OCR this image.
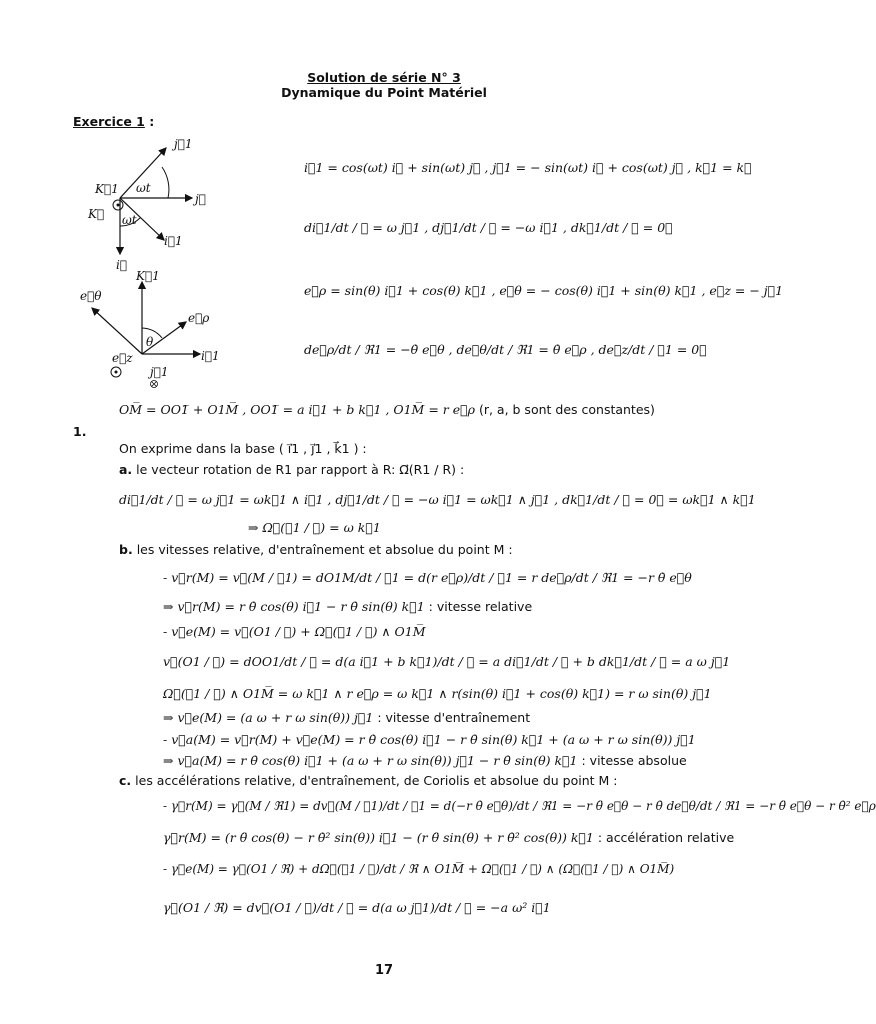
Solution de série N° 3
Dynamique du Point Matériel
Exercice 1 :
j⃗1
K⃗1
K⃗
j⃗
i⃗1
i⃗
ωt
ωt
K⃗1
e⃗θ
e⃗ρ
θ
i⃗1
e⃗z
j⃗1
i⃗1 = cos(ωt) i⃗ + sin(ωt) j⃗ , j⃗1 = − sin(ωt) i⃗ + cos(ωt) j⃗ , k⃗1 = k⃗
di⃗1/dt / ℜ = ω j⃗1 , dj⃗1/dt / ℜ = −ω i⃗1 , dk⃗1/dt / ℜ = 0⃗
e⃗ρ = sin(θ) i⃗1 + cos(θ) k⃗1 , e⃗θ = − cos(θ) i⃗1 + sin(θ) k⃗1 , e⃗z = − j⃗1
de⃗ρ/dt / ℜ1 = −θ̇ e⃗θ , de⃗θ/dt / ℜ1 = θ̇ e⃗ρ , de⃗z/dt / ℜ1 = 0⃗
OM̅ = OO1̅ + O1M̅ , OO1̅ = a i⃗1 + b k⃗1 , O1M̅ = r e⃗ρ (r, a, b sont des constantes)
1.
On exprime dans la base ( i⃗1 , j⃗1 , k⃗1 ) :
a. le vecteur rotation de R1 par rapport à R: Ω⃗(R1 / R) :
di⃗1/dt / ℜ = ω j⃗1 = ωk⃗1 ∧ i⃗1 , dj⃗1/dt / ℜ = −ω i⃗1 = ωk⃗1 ∧ j⃗1 , dk⃗1/dt / ℜ = 0⃗ = ωk⃗1 ∧ k⃗1
⇒ Ω⃗(ℜ1 / ℜ) = ω k⃗1
b. les vitesses relative, d'entraînement et absolue du point M :
- v⃗r(M) = v⃗(M / ℜ1) = dO1M/dt / ℜ1 = d(r e⃗ρ)/dt / ℜ1 = r de⃗ρ/dt / ℜ1 = −r θ̇ e⃗θ
⇒ v⃗r(M) = r θ̇ cos(θ) i⃗1 − r θ̇ sin(θ) k⃗1 : vitesse relative
- v⃗e(M) = v⃗(O1 / ℜ) + Ω⃗(ℜ1 / ℜ) ∧ O1M̅
v⃗(O1 / ℜ) = dOO1/dt / ℜ = d(a i⃗1 + b k⃗1)/dt / ℜ = a di⃗1/dt / ℜ + b dk⃗1/dt / ℜ = a ω j⃗1
Ω⃗(ℜ1 / ℜ) ∧ O1M̅ = ω k⃗1 ∧ r e⃗ρ = ω k⃗1 ∧ r(sin(θ) i⃗1 + cos(θ) k⃗1) = r ω sin(θ) j⃗1
⇒ v⃗e(M) = (a ω + r ω sin(θ)) j⃗1 : vitesse d'entraînement
- v⃗a(M) = v⃗r(M) + v⃗e(M) = r θ̇ cos(θ) i⃗1 − r θ̇ sin(θ) k⃗1 + (a ω + r ω sin(θ)) j⃗1
⇒ v⃗a(M) = r θ̇ cos(θ) i⃗1 + (a ω + r ω sin(θ)) j⃗1 − r θ̇ sin(θ) k⃗1 : vitesse absolue
c. les accélérations relative, d'entraînement, de Coriolis et absolue du point M :
- γ⃗r(M) = γ⃗(M / ℜ1) = dv⃗(M / ℜ1)/dt / ℜ1 = d(−r θ̇ e⃗θ)/dt / ℜ1 = −r θ̈ e⃗θ − r θ̇ de⃗θ/dt / ℜ1 = −r θ̈ e⃗θ − r θ̇² e⃗ρ
γ⃗r(M) = (r θ̈ cos(θ) − r θ̇² sin(θ)) i⃗1 − (r θ̈ sin(θ) + r θ̇² cos(θ)) k⃗1 : accélération relative
- γ⃗e(M) = γ⃗(O1 / ℜ) + dΩ⃗(ℜ1 / ℜ)/dt / ℜ ∧ O1M̅ + Ω⃗(ℜ1 / ℜ) ∧ (Ω⃗(ℜ1 / ℜ) ∧ O1M̅)
γ⃗(O1 / ℜ) = dv⃗(O1 / ℜ)/dt / ℜ = d(a ω j⃗1)/dt / ℜ = −a ω² i⃗1
17
